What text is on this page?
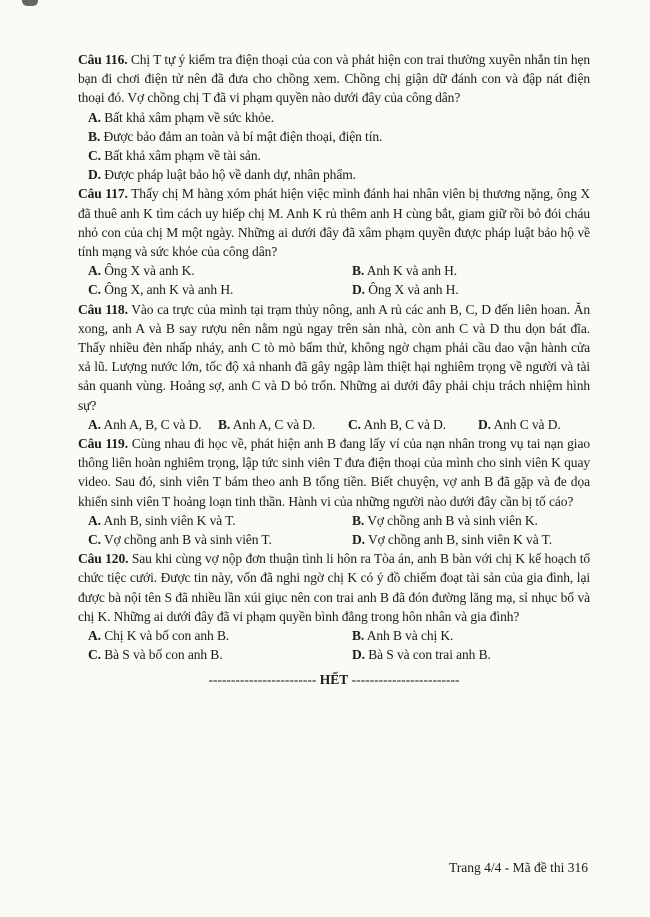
Câu 116. Chị T tự ý kiểm tra điện thoại của con và phát hiện con trai thường xuyên nhắn tin hẹn bạn đi chơi điện tử nên đã đưa cho chồng xem. Chồng chị giận dữ đánh con và đập nát điện thoại đó. Vợ chồng chị T đã vi phạm quyền nào dưới đây của công dân?

A. Bất khả xâm phạm về sức khỏe.

B. Được bảo đảm an toàn và bí mật điện thoại, điện tín.

C. Bất khả xâm phạm về tài sản.

D. Được pháp luật bảo hộ về danh dự, nhân phẩm.

Câu 117. Thấy chị M hàng xóm phát hiện việc mình đánh hai nhân viên bị thương nặng, ông X đã thuê anh K tìm cách uy hiếp chị M. Anh K rủ thêm anh H cùng bắt, giam giữ rồi bỏ đói cháu nhỏ con của chị M một ngày. Những ai dưới đây đã xâm phạm quyền được pháp luật bảo hộ về tính mạng và sức khỏe của công dân?

A. Ông X và anh K.	B. Anh K và anh H.

C. Ông X, anh K và anh H.	D. Ông X và anh H.

Câu 118. Vào ca trực của mình tại trạm thủy nông, anh A rủ các anh B, C, D đến liên hoan. Ăn xong, anh A và B say rượu nên nằm ngủ ngay trên sàn nhà, còn anh C và D thu dọn bát đĩa. Thấy nhiều đèn nhấp nháy, anh C tò mò bấm thử, không ngờ chạm phải cầu dao vận hành cửa xả lũ. Lượng nước lớn, tốc độ xả nhanh đã gây ngập làm thiệt hại nghiêm trọng về người và tài sản quanh vùng. Hoảng sợ, anh C và D bỏ trốn. Những ai dưới đây phải chịu trách nhiệm hình sự?

A. Anh A, B, C và D.	B. Anh A, C và D.	C. Anh B, C và D.	D. Anh C và D.

Câu 119. Cùng nhau đi học về, phát hiện anh B đang lấy ví của nạn nhân trong vụ tai nạn giao thông liên hoàn nghiêm trọng, lập tức sinh viên T đưa điện thoại của mình cho sinh viên K quay video. Sau đó, sinh viên T bám theo anh B tống tiền. Biết chuyện, vợ anh B đã gặp và đe dọa khiến sinh viên T hoảng loạn tinh thần. Hành vi của những người nào dưới đây cần bị tố cáo?

A. Anh B, sinh viên K và T.	B. Vợ chồng anh B và sinh viên K.

C. Vợ chồng anh B và sinh viên T.	D. Vợ chồng anh B, sinh viên K và T.

Câu 120. Sau khi cùng vợ nộp đơn thuận tình li hôn ra Tòa án, anh B bàn với chị K kế hoạch tổ chức tiệc cưới. Được tin này, vốn đã nghi ngờ chị K có ý đồ chiếm đoạt tài sản của gia đình, lại được bà nội tên S đã nhiều lần xúi giục nên con trai anh B đã đón đường lăng mạ, sỉ nhục bố và chị K. Những ai dưới đây đã vi phạm quyền bình đẳng trong hôn nhân và gia đình?

A. Chị K và bố con anh B.	B. Anh B và chị K.

C. Bà S và bố con anh B.	D. Bà S và con trai anh B.

------------------------ HẾT ------------------------

Trang 4/4 - Mã đề thi 316
